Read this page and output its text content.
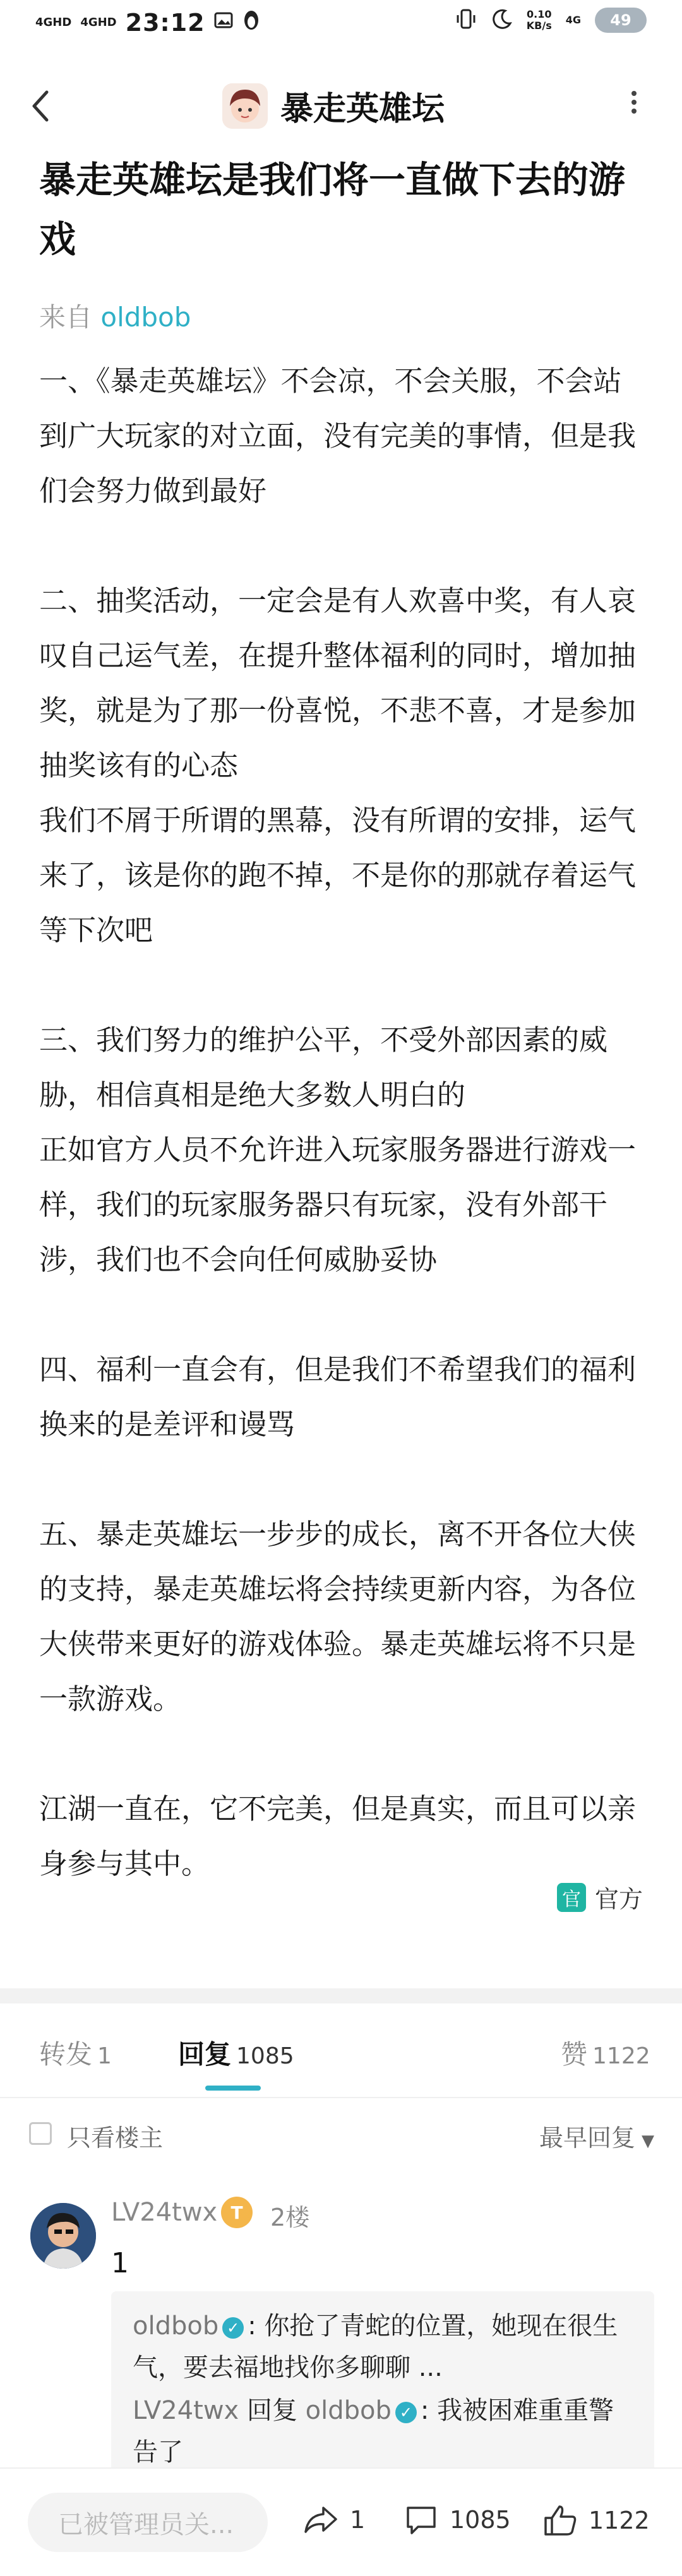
4GHD 4GHD 23:12	0.10
KB/s 4G	49
暴走英雄坛
暴走英雄坛是我们将一直做下去的游戏
来自 oldbob

一、《暴走英雄坛》不会凉，不会关服，不会站到广大玩家的对立面，没有完美的事情，但是我们会努力做到最好

二、抽奖活动，一定会是有人欢喜中奖，有人哀叹自己运气差，在提升整体福利的同时，增加抽奖，就是为了那一份喜悦，不悲不喜，才是参加抽奖该有的心态

我们不屑于所谓的黑幕，没有所谓的安排，运气来了，该是你的跑不掉，不是你的那就存着运气等下次吧

三、我们努力的维护公平，不受外部因素的威胁，相信真相是绝大多数人明白的

正如官方人员不允许进入玩家服务器进行游戏一样，我们的玩家服务器只有玩家，没有外部干涉，我们也不会向任何威胁妥协

四、福利一直会有，但是我们不希望我们的福利换来的是差评和谩骂

五、暴走英雄坛一步步的成长，离不开各位大侠的支持，暴走英雄坛将会持续更新内容，为各位大侠带来更好的游戏体验。暴走英雄坛将不只是一款游戏。

江湖一直在，它不完美，但是真实，而且可以亲身参与其中。

官 官方
转发 1	回复 1085	赞 1122
只看楼主	最早回复 ▼
LV24twx T	2楼
1
oldbob ✓ : 你抢了青蛇的位置，她现在很生气，要去福地找你多聊聊 ...
LV24twx 回复 oldbob ✓ : 我被困难重重警告了
已被管理员关...	1	1085	1122
